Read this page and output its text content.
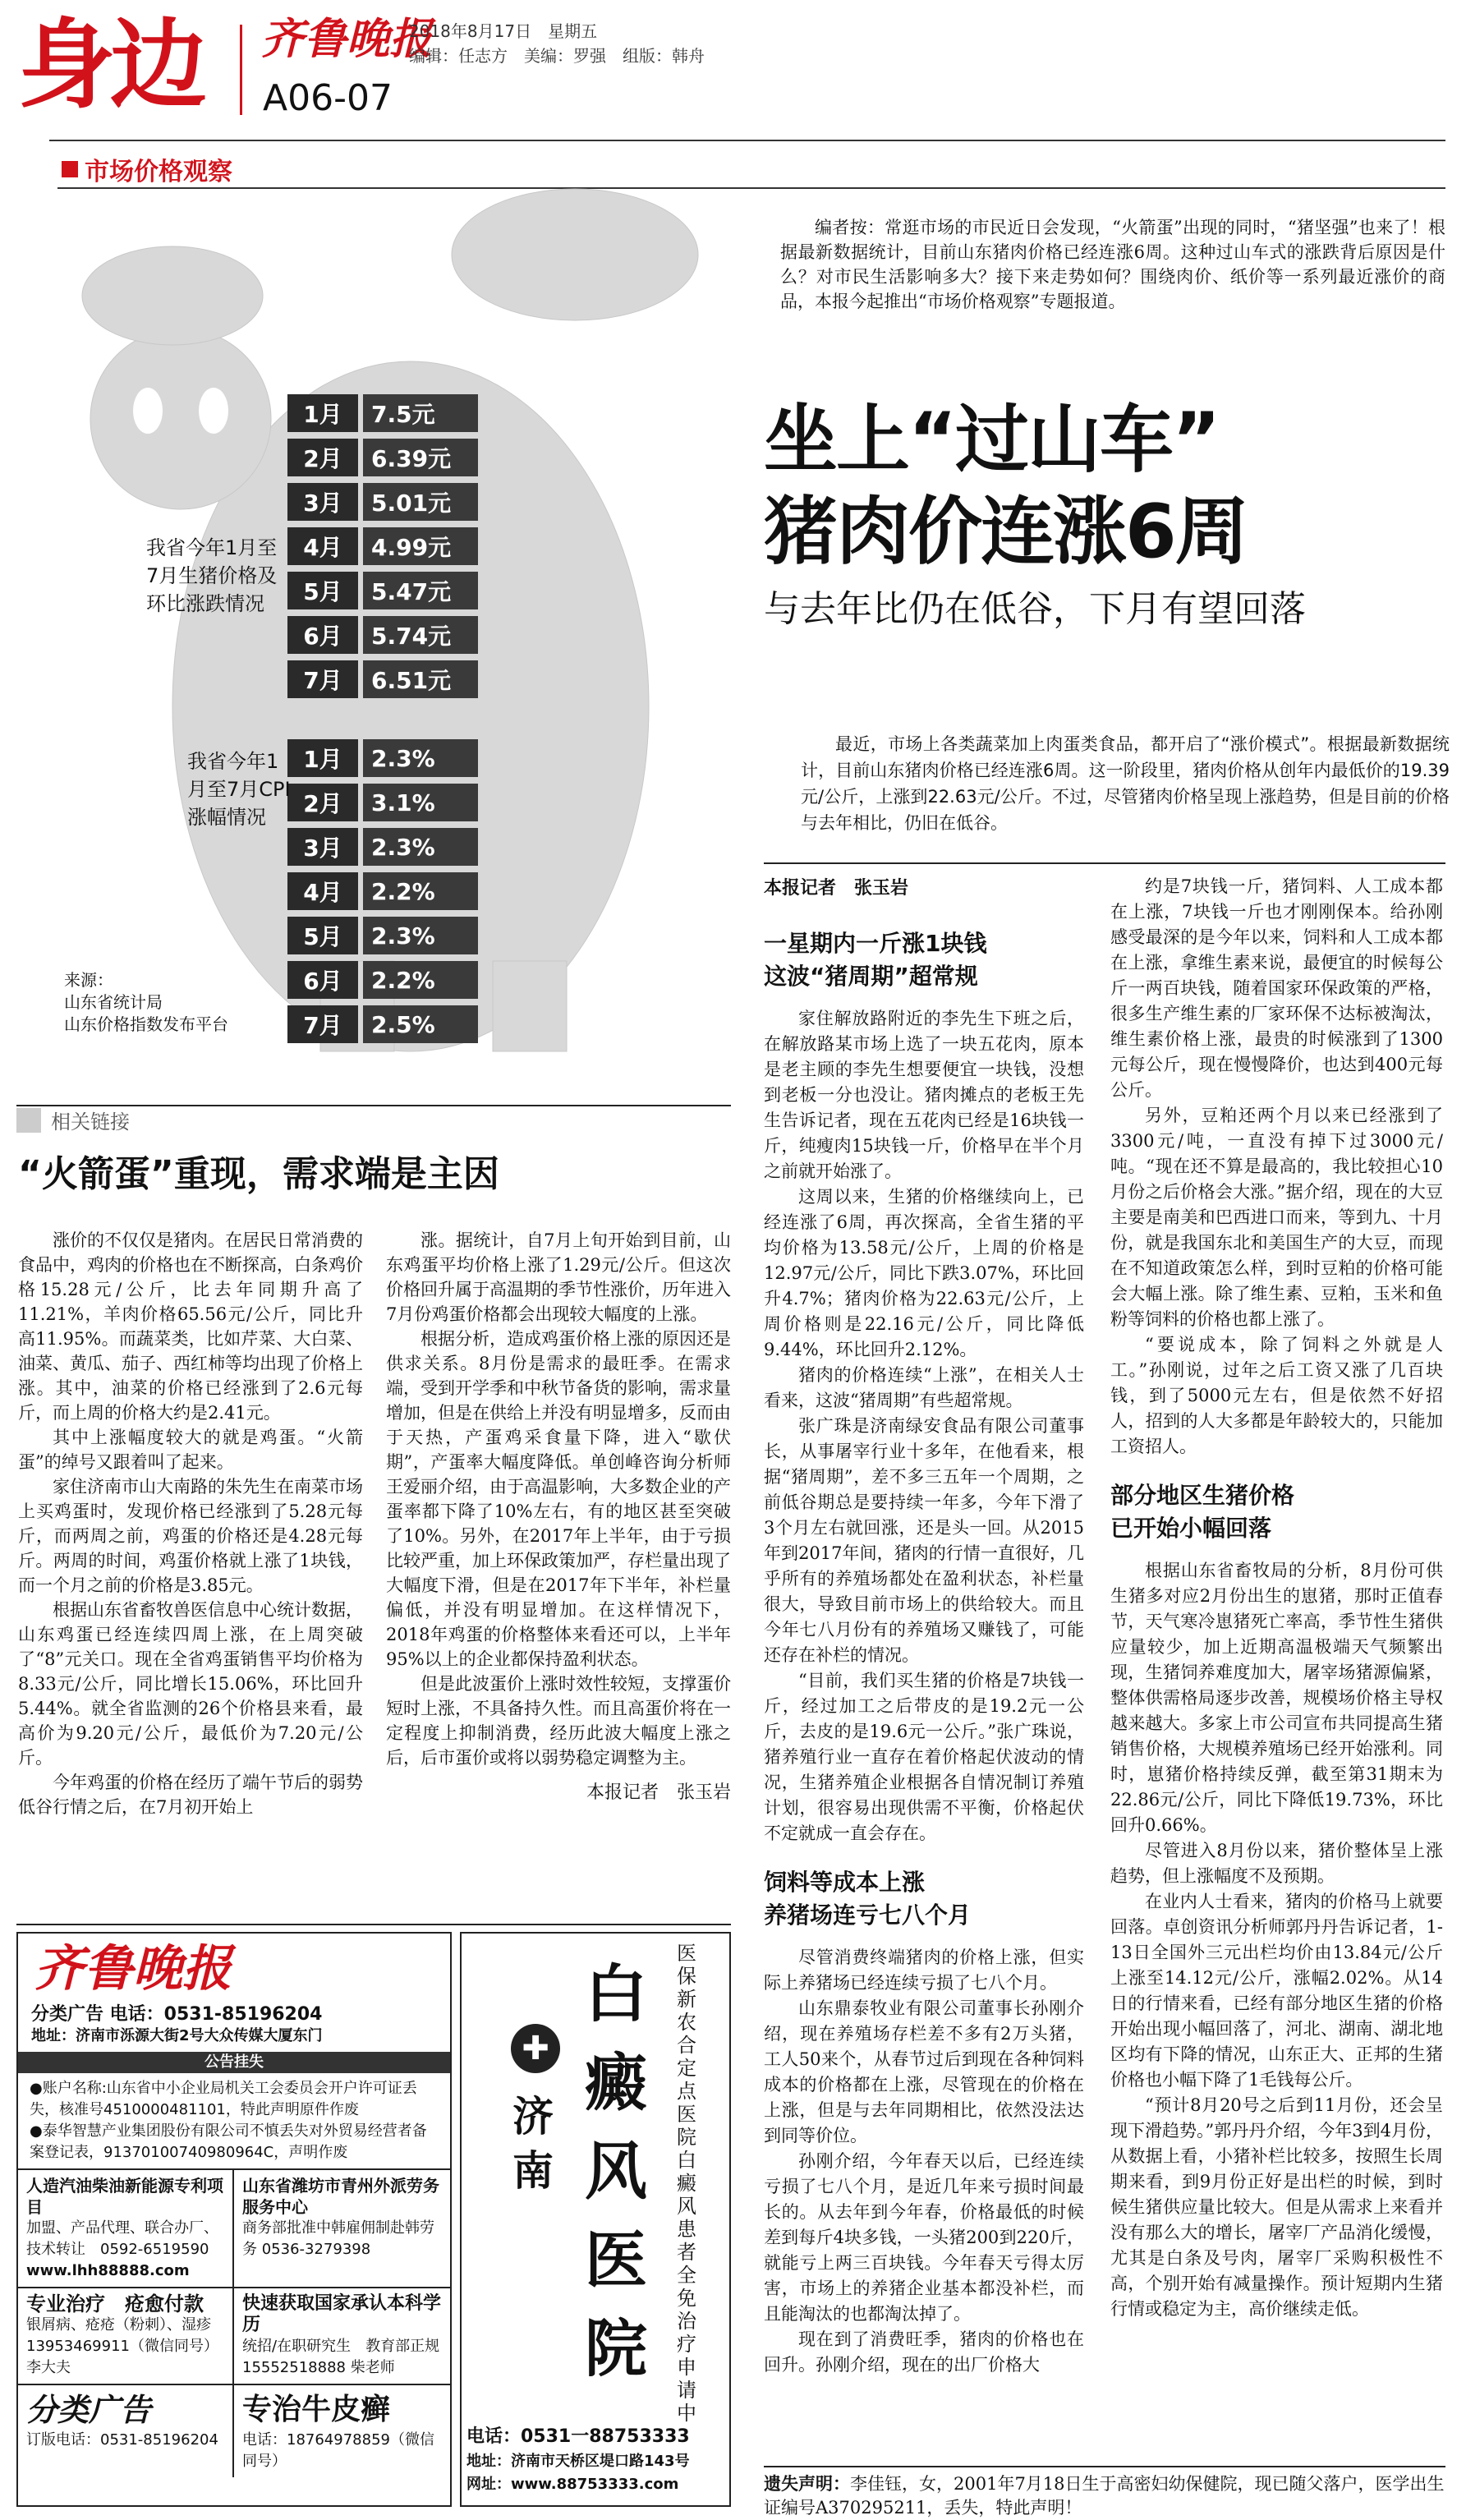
身边 齐鲁晚报
2018年8月17日　星期五
编辑：任志方　美编：罗强　组版：韩舟
A06-07
市场价格观察
1月	7.5元
2月	6.39元
3月	5.01元
4月	4.99元
5月	5.47元
6月	5.74元
7月	6.51元
我省今年1月至7月生猪价格及环比涨跌情况
1月	2.3%
2月	3.1%
3月	2.3%
4月	2.2%
5月	2.3%
6月	2.2%
7月	2.5%
我省今年1月至7月CPI涨幅情况
来源：
山东省统计局
山东价格指数发布平台

编者按：常逛市场的市民近日会发现，“火箭蛋”出现的同时，“猪坚强”也来了！根据最新数据统计，目前山东猪肉价格已经连涨6周。这种过山车式的涨跌背后原因是什么？对市民生活影响多大？接下来走势如何？围绕肉价、纸价等一系列最近涨价的商品，本报今起推出“市场价格观察”专题报道。

坐上“过山车”
猪肉价连涨6周
与去年比仍在低谷，下月有望回落

最近，市场上各类蔬菜加上肉蛋类食品，都开启了“涨价模式”。根据最新数据统计，目前山东猪肉价格已经连涨6周。这一阶段里，猪肉价格从创年内最低价的19.39元/公斤，上涨到22.63元/公斤。不过，尽管猪肉价格呈现上涨趋势，但是目前的价格与去年相比，仍旧在低谷。

本报记者　张玉岩

一星期内一斤涨1块钱

这波“猪周期”超常规

家住解放路附近的李先生下班之后，在解放路某市场上选了一块五花肉，原本是老主顾的李先生想要便宜一块钱，没想到老板一分也没让。猪肉摊点的老板王先生告诉记者，现在五花肉已经是16块钱一斤，纯瘦肉15块钱一斤，价格早在半个月之前就开始涨了。

这周以来，生猪的价格继续向上，已经连涨了6周，再次探高，全省生猪的平均价格为13.58元/公斤，上周的价格是12.97元/公斤，同比下跌3.07%，环比回升4.7%；猪肉价格为22.63元/公斤，上周价格则是22.16元/公斤，同比降低9.44%，环比回升2.12%。

猪肉的价格连续“上涨”，在相关人士看来，这波“猪周期”有些超常规。

张广珠是济南绿安食品有限公司董事长，从事屠宰行业十多年，在他看来，根据“猪周期”，差不多三五年一个周期，之前低谷期总是要持续一年多，今年下滑了3个月左右就回涨，还是头一回。从2015年到2017年间，猪肉的行情一直很好，几乎所有的养殖场都处在盈利状态，补栏量很大，导致目前市场上的供给较大。而且今年七八月份有的养殖场又赚钱了，可能还存在补栏的情况。

“目前，我们买生猪的价格是7块钱一斤，经过加工之后带皮的是19.2元一公斤，去皮的是19.6元一公斤。”张广珠说，猪养殖行业一直存在着价格起伏波动的情况，生猪养殖企业根据各自情况制订养殖计划，很容易出现供需不平衡，价格起伏不定就成一直会存在。

饲料等成本上涨

养猪场连亏七八个月

尽管消费终端猪肉的价格上涨，但实际上养猪场已经连续亏损了七八个月。

山东鼎泰牧业有限公司董事长孙刚介绍，现在养殖场存栏差不多有2万头猪，工人50来个，从春节过后到现在各种饲料成本的价格都在上涨，尽管现在的价格在上涨，但是与去年同期相比，依然没法达到同等价位。

孙刚介绍，今年春天以后，已经连续亏损了七八个月，是近几年来亏损时间最长的。从去年到今年春，价格最低的时候差到每斤4块多钱，一头猪200到220斤，就能亏上两三百块钱。今年春天亏得太厉害，市场上的养猪企业基本都没补栏，而且能淘汰的也都淘汰掉了。

现在到了消费旺季，猪肉的价格也在回升。孙刚介绍，现在的出厂价格大

约是7块钱一斤，猪饲料、人工成本都在上涨，7块钱一斤也才刚刚保本。给孙刚感受最深的是今年以来，饲料和人工成本都在上涨，拿维生素来说，最便宜的时候每公斤一两百块钱，随着国家环保政策的严格，很多生产维生素的厂家环保不达标被淘汰，维生素价格上涨，最贵的时候涨到了1300元每公斤，现在慢慢降价，也达到400元每公斤。

另外，豆粕还两个月以来已经涨到了3300元/吨，一直没有掉下过3000元/吨。“现在还不算是最高的，我比较担心10月份之后价格会大涨。”据介绍，现在的大豆主要是南美和巴西进口而来，等到九、十月份，就是我国东北和美国生产的大豆，而现在不知道政策怎么样，到时豆粕的价格可能会大幅上涨。除了维生素、豆粕，玉米和鱼粉等饲料的价格也都上涨了。

“要说成本，除了饲料之外就是人工。”孙刚说，过年之后工资又涨了几百块钱，到了5000元左右，但是依然不好招人，招到的人大多都是年龄较大的，只能加工资招人。

部分地区生猪价格

已开始小幅回落

根据山东省畜牧局的分析，8月份可供生猪多对应2月份出生的崽猪，那时正值春节，天气寒冷崽猪死亡率高，季节性生猪供应量较少，加上近期高温极端天气频繁出现，生猪饲养难度加大，屠宰场猪源偏紧，整体供需格局逐步改善，规模场价格主导权越来越大。多家上市公司宣布共同提高生猪销售价格，大规模养殖场已经开始涨利。同时，崽猪价格持续反弹，截至第31期末为22.86元/公斤，同比下降低19.73%，环比回升0.66%。

尽管进入8月份以来，猪价整体呈上涨趋势，但上涨幅度不及预期。

在业内人士看来，猪肉的价格马上就要回落。卓创资讯分析师郭丹丹告诉记者，1-13日全国外三元出栏均价由13.84元/公斤上涨至14.12元/公斤，涨幅2.02%。从14日的行情来看，已经有部分地区生猪的价格开始出现小幅回落了，河北、湖南、湖北地区均有下降的情况，山东正大、正邦的生猪价格也小幅下降了1毛钱每公斤。

“预计8月20号之后到11月份，还会呈现下滑趋势。”郭丹丹介绍，今年3到4月份，从数据上看，小猪补栏比较多，按照生长周期来看，到9月份正好是出栏的时候，到时候生猪供应量比较大。但是从需求上来看并没有那么大的增长，屠宰厂产品消化缓慢，尤其是白条及号肉，屠宰厂采购积极性不高，个别开始有减量操作。预计短期内生猪行情或稳定为主，高价继续走低。

相关链接
“火箭蛋”重现，需求端是主因

涨价的不仅仅是猪肉。在居民日常消费的食品中，鸡肉的价格也在不断探高，白条鸡价格15.28元/公斤，比去年同期升高了11.21%，羊肉价格65.56元/公斤，同比升高11.95%。而蔬菜类，比如芹菜、大白菜、油菜、黄瓜、茄子、西红柿等均出现了价格上涨。其中，油菜的价格已经涨到了2.6元每斤，而上周的价格大约是2.41元。

其中上涨幅度较大的就是鸡蛋。“火箭蛋”的绰号又跟着叫了起来。

家住济南市山大南路的朱先生在南菜市场上买鸡蛋时，发现价格已经涨到了5.28元每斤，而两周之前，鸡蛋的价格还是4.28元每斤。两周的时间，鸡蛋价格就上涨了1块钱，而一个月之前的价格是3.85元。

根据山东省畜牧兽医信息中心统计数据，山东鸡蛋已经连续四周上涨，在上周突破了“8”元关口。现在全省鸡蛋销售平均价格为8.33元/公斤，同比增长15.06%，环比回升5.44%。就全省监测的26个价格县来看，最高价为9.20元/公斤，最低价为7.20元/公斤。

今年鸡蛋的价格在经历了端午节后的弱势低谷行情之后，在7月初开始上

涨。据统计，自7月上旬开始到目前，山东鸡蛋平均价格上涨了1.29元/公斤。但这次价格回升属于高温期的季节性涨价，历年进入7月份鸡蛋价格都会出现较大幅度的上涨。

根据分析，造成鸡蛋价格上涨的原因还是供求关系。8月份是需求的最旺季。在需求端，受到开学季和中秋节备货的影响，需求量增加，但是在供给上并没有明显增多，反而由于天热，产蛋鸡采食量下降，进入“歇伏期”，产蛋率大幅度降低。单创峰咨询分析师王爱丽介绍，由于高温影响，大多数企业的产蛋率都下降了10%左右，有的地区甚至突破了10%。另外，在2017年上半年，由于亏损比较严重，加上环保政策加严，存栏量出现了大幅度下滑，但是在2017年下半年，补栏量偏低，并没有明显增加。在这样情况下，2018年鸡蛋的价格整体来看还可以，上半年95%以上的企业都保持盈利状态。

但是此波蛋价上涨时效性较短，支撑蛋价短时上涨，不具备持久性。而且高蛋价将在一定程度上抑制消费，经历此波大幅度上涨之后，后市蛋价或将以弱势稳定调整为主。

本报记者　张玉岩
齐鲁晚报
分类广告 电话：0531-85196204
地址：济南市泺源大街2号大众传媒大厦东门
公告挂失
●账户名称:山东省中小企业局机关工会委员会开户许可证丢失，核准号4510000481101，特此声明原件作废
●泰华智慧产业集团股份有限公司不慎丢失对外贸易经营者备案登记表，91370100740980964C，声明作废
人造汽油柴油新能源专利项目
加盟、产品代理、联合办厂、技术转让　0592-6519590
www.lhh88888.com
山东省潍坊市青州外派劳务服务中心
商务部批准中韩雇佣制赴韩劳务 0536-3279398
专业治疗　疮愈付款
银屑病、疮疮（粉刺）、湿疹　13953469911（微信同号）李大夫
快速获取国家承认本科学历
统招/在职研究生　教育部正规　15552518888 柴老师
分类广告
订版电话：0531-85196204
专治牛皮癣
电话：18764978859（微信同号）
白癜风医院
✚
济南
医保新农合定点医院　白癜风患者全免治疗申请中
电话：0531一88753333
地址：济南市天桥区堤口路143号
网址：www.88753333.com	遗失声明：李佳钰，女，2001年7月18日生于高密妇幼保健院，现已随父落户，医学出生证编号A370295211，丢失，特此声明！
